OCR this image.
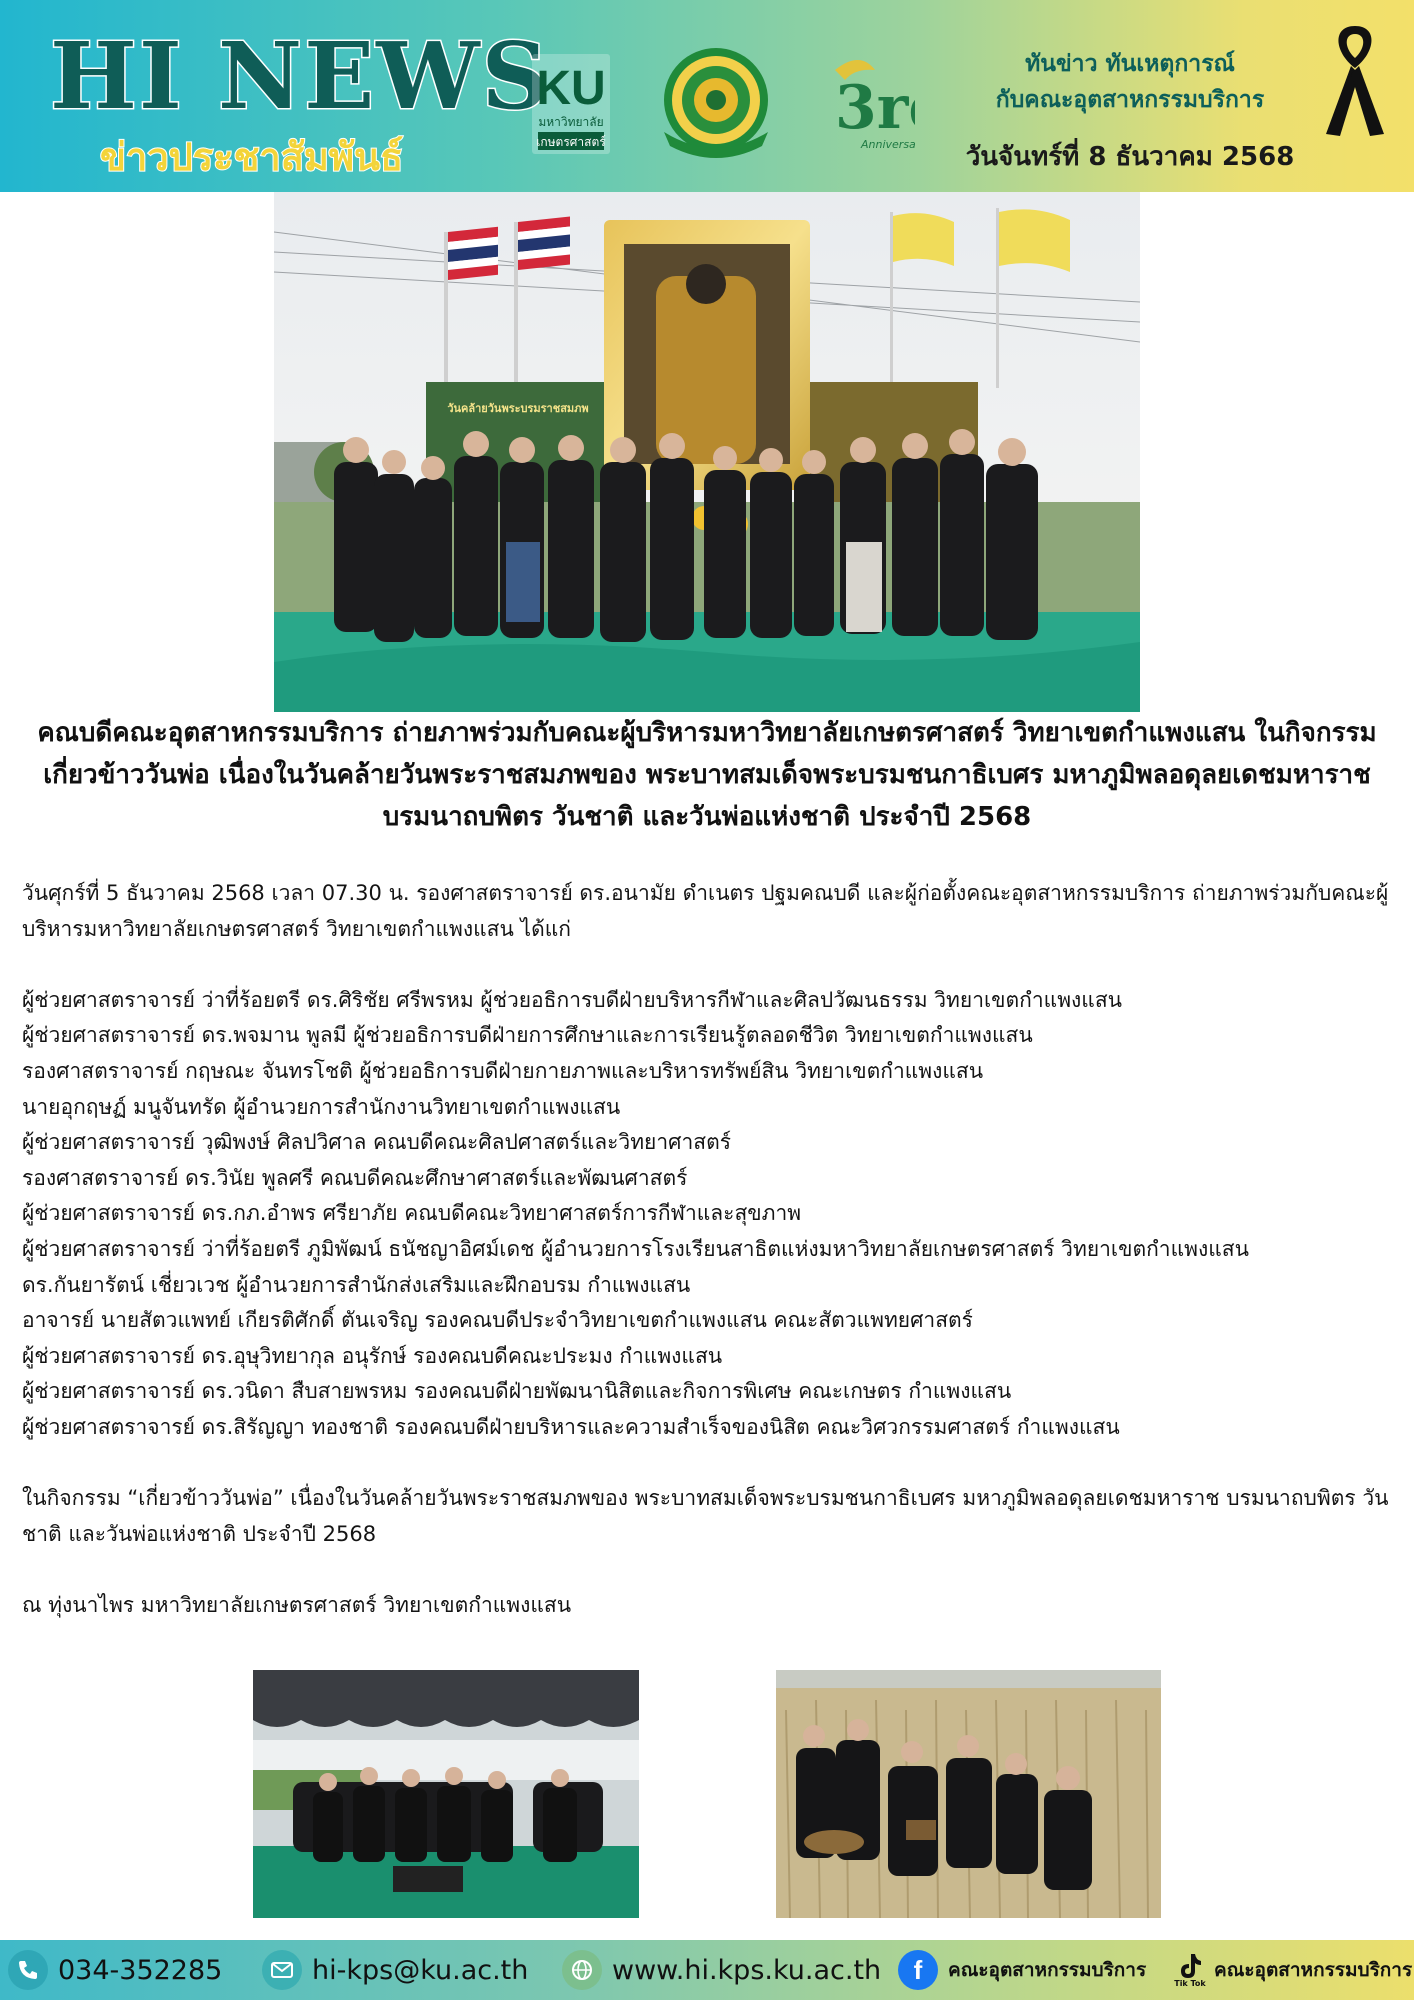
HI NEWS
ข่าวประชาสัมพันธ์
KU
มหาวิทยาลัย
เกษตรศาสตร์	3r
Annivers
ทันข่าว ทันเหตุการณ์
กับคณะอุตสาหกรรมบริการ
วันจันทร์ที่ 8 ธันวาคม 2568
วันคล้ายวันพระบรมราชสมภพ
คณบดีคณะอุตสาหกรรมบริการ ถ่ายภาพร่วมกับคณะผู้บริหารมหาวิทยาลัยเกษตรศาสตร์ วิทยาเขตกำแพงแสน ในกิจกรรม เกี่ยวข้าววันพ่อ เนื่องในวันคล้ายวันพระราชสมภพของ พระบาทสมเด็จพระบรมชนกาธิเบศร มหาภูมิพลอดุลยเดชมหาราช บรมนาถบพิตร วันชาติ และวันพ่อแห่งชาติ ประจำปี 2568

วันศุกร์ที่ 5 ธันวาคม 2568 เวลา 07.30 น. รองศาสตราจารย์ ดร.อนามัย ดำเนตร ปฐมคณบดี และผู้ก่อตั้งคณะอุตสาหกรรมบริการ ถ่ายภาพร่วมกับคณะผู้บริหารมหาวิทยาลัยเกษตรศาสตร์ วิทยาเขตกำแพงแสน ได้แก่

ผู้ช่วยศาสตราจารย์ ว่าที่ร้อยตรี ดร.ศิริชัย ศรีพรหม ผู้ช่วยอธิการบดีฝ่ายบริหารกีฬาและศิลปวัฒนธรรม วิทยาเขตกำแพงแสน

ผู้ช่วยศาสตราจารย์ ดร.พจมาน พูลมี ผู้ช่วยอธิการบดีฝ่ายการศึกษาและการเรียนรู้ตลอดชีวิต วิทยาเขตกำแพงแสน

รองศาสตราจารย์ กฤษณะ จันทรโชติ ผู้ช่วยอธิการบดีฝ่ายกายภาพและบริหารทรัพย์สิน วิทยาเขตกำแพงแสน

นายอุกฤษฏ์ มนูจันทรัด ผู้อำนวยการสำนักงานวิทยาเขตกำแพงแสน

ผู้ช่วยศาสตราจารย์ วุฒิพงษ์ ศิลปวิศาล คณบดีคณะศิลปศาสตร์และวิทยาศาสตร์

รองศาสตราจารย์ ดร.วินัย พูลศรี คณบดีคณะศึกษาศาสตร์และพัฒนศาสตร์

ผู้ช่วยศาสตราจารย์ ดร.กภ.อำพร ศรียาภัย คณบดีคณะวิทยาศาสตร์การกีฬาและสุขภาพ

ผู้ช่วยศาสตราจารย์ ว่าที่ร้อยตรี ภูมิพัฒน์ ธนัชญาอิศม์เดช ผู้อำนวยการโรงเรียนสาธิตแห่งมหาวิทยาลัยเกษตรศาสตร์ วิทยาเขตกำแพงแสน

ดร.กันยารัตน์ เชี่ยวเวช ผู้อำนวยการสำนักส่งเสริมและฝึกอบรม กำแพงแสน

อาจารย์ นายสัตวแพทย์ เกียรติศักดิ์ ตันเจริญ รองคณบดีประจำวิทยาเขตกำแพงแสน คณะสัตวแพทยศาสตร์

ผู้ช่วยศาสตราจารย์ ดร.อุษุวิทยากุล อนุรักษ์ รองคณบดีคณะประมง กำแพงแสน

ผู้ช่วยศาสตราจารย์ ดร.วนิดา สืบสายพรหม รองคณบดีฝ่ายพัฒนานิสิตและกิจการพิเศษ คณะเกษตร กำแพงแสน

ผู้ช่วยศาสตราจารย์ ดร.สิรัญญา ทองชาติ รองคณบดีฝ่ายบริหารและความสำเร็จของนิสิต คณะวิศวกรรมศาสตร์ กำแพงแสน

ในกิจกรรม “เกี่ยวข้าววันพ่อ” เนื่องในวันคล้ายวันพระราชสมภพของ พระบาทสมเด็จพระบรมชนกาธิเบศร มหาภูมิพลอดุลยเดชมหาราช บรมนาถบพิตร วันชาติ และวันพ่อแห่งชาติ ประจำปี 2568

ณ ทุ่งนาไพร มหาวิทยาลัยเกษตรศาสตร์ วิทยาเขตกำแพงแสน

034-352285	hi-kps@ku.ac.th	www.hi.kps.ku.ac.th f คณะอุตสาหกรรมบริการ
Tik Tok
คณะอุตสาหกรรมบริการ
